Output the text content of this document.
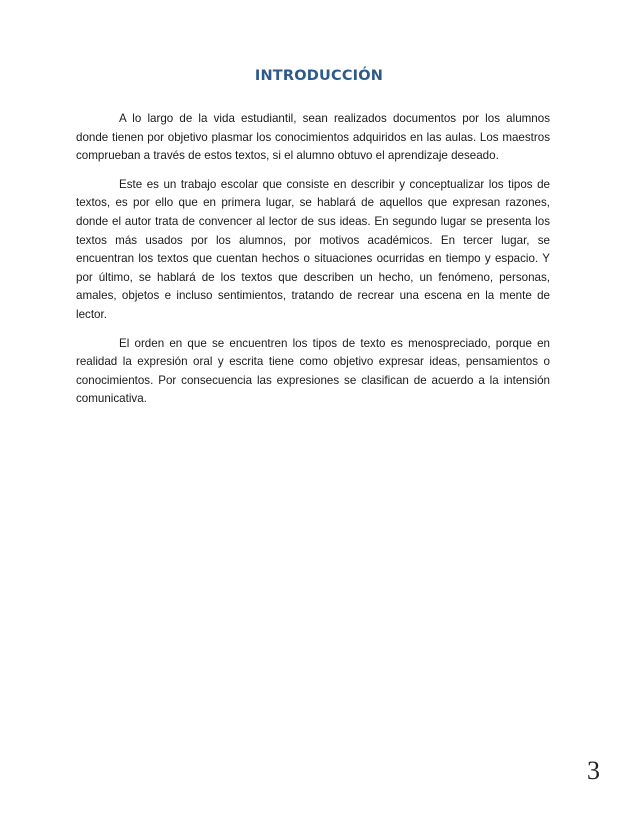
INTRODUCCIÓN

A lo largo de la vida estudiantil, sean realizados documentos por los alumnos donde tienen por objetivo plasmar los conocimientos adquiridos en las aulas. Los maestros comprueban a través de estos textos, si el alumno obtuvo el aprendizaje deseado.

Este es un trabajo escolar que consiste en describir y conceptualizar los tipos de textos, es por ello que en primera lugar, se hablará de aquellos que expresan razones, donde el autor trata de convencer al lector de sus ideas. En segundo lugar se presenta los textos más usados por los alumnos, por motivos académicos. En tercer lugar, se encuentran los textos que cuentan hechos o situaciones ocurridas en tiempo y espacio. Y por último, se hablará de los textos que describen un hecho, un fenómeno, personas, amales, objetos e incluso sentimientos, tratando de recrear una escena en la mente de lector.

El orden en que se encuentren los tipos de texto es menospreciado, porque en realidad la expresión oral y escrita tiene como objetivo expresar ideas, pensamientos o conocimientos. Por consecuencia las expresiones se clasifican de acuerdo a la intensión comunicativa.

3
